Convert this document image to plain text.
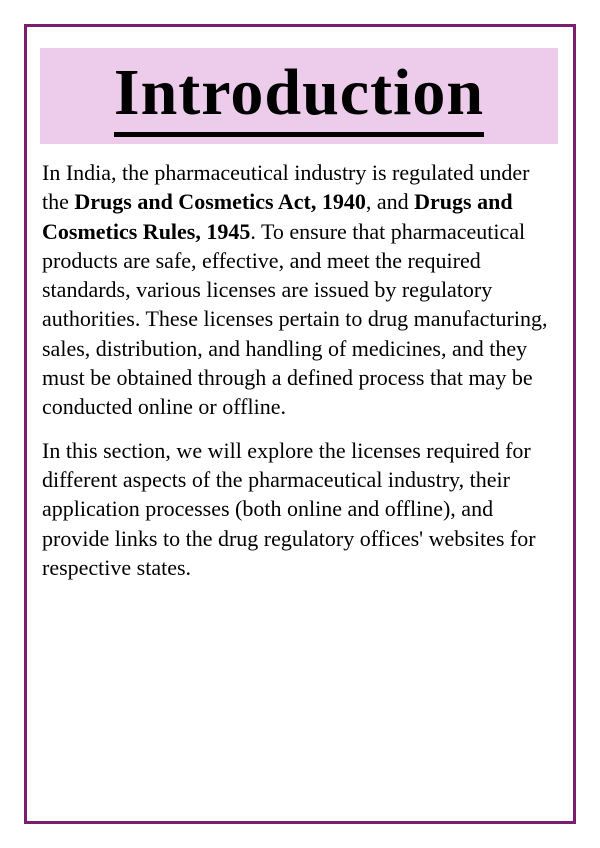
Introduction

In India, the pharmaceutical industry is regulated under the Drugs and Cosmetics Act, 1940, and Drugs and Cosmetics Rules, 1945. To ensure that pharmaceutical products are safe, effective, and meet the required standards, various licenses are issued by regulatory authorities. These licenses pertain to drug manufacturing, sales, distribution, and handling of medicines, and they must be obtained through a defined process that may be conducted online or offline.

In this section, we will explore the licenses required for different aspects of the pharmaceutical industry, their application processes (both online and offline), and provide links to the drug regulatory offices' websites for respective states.
